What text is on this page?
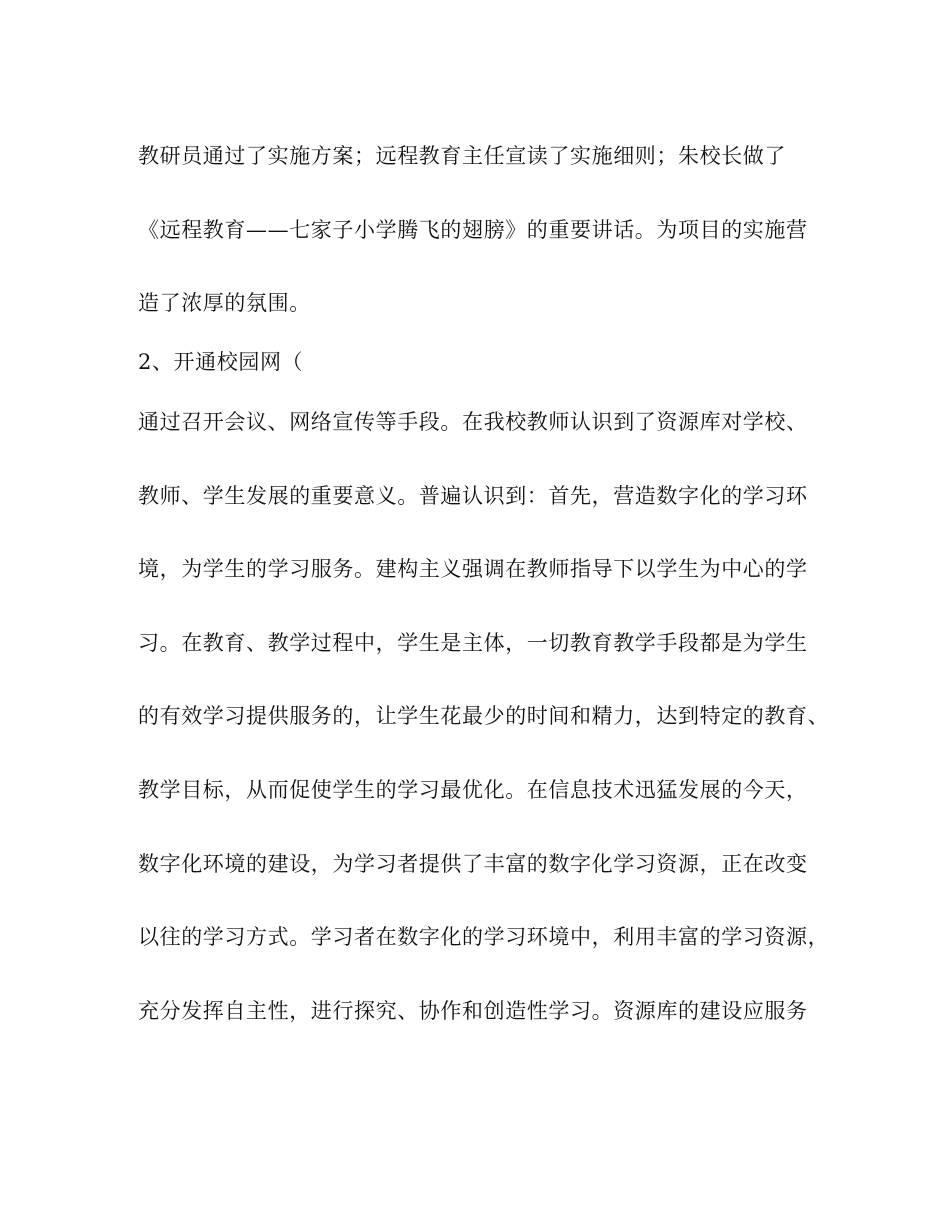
教研员通过了实施方案；远程教育主任宣读了实施细则；朱校长做了
《远程教育——七家子小学腾飞的翅膀》的重要讲话。为项目的实施营
造了浓厚的氛围。
2、开通校园网（
通过召开会议、网络宣传等手段。在我校教师认识到了资源库对学校、
教师、学生发展的重要意义。普遍认识到：首先，营造数字化的学习环
境，为学生的学习服务。建构主义强调在教师指导下以学生为中心的学
习。在教育、教学过程中，学生是主体，一切教育教学手段都是为学生
的有效学习提供服务的，让学生花最少的时间和精力，达到特定的教育、
教学目标，从而促使学生的学习最优化。在信息技术迅猛发展的今天，
数字化环境的建设，为学习者提供了丰富的数字化学习资源，正在改变
以往的学习方式。学习者在数字化的学习环境中，利用丰富的学习资源，
充分发挥自主性，进行探究、协作和创造性学习。资源库的建设应服务
